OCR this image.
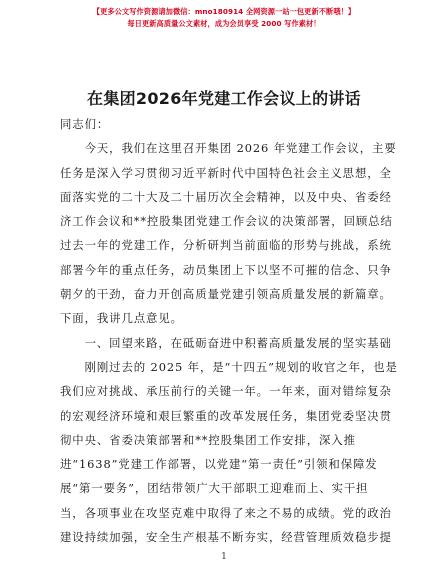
【更多公文写作资源请加微信：mno180914 全网资源一站一包更新不断哦！】
每日更新高质量公文素材，成为会员享受 2000 写作素材！
在集团2026年党建工作会议上的讲话
同志们：
　　今天，我们在这里召开集团 2026 年党建工作会议，主要
任务是深入学习贯彻习近平新时代中国特色社会主义思想，全
面落实党的二十大及二十届历次全会精神，以及中央、省委经
济工作会议和**控股集团党建工作会议的决策部署，回顾总结
过去一年的党建工作，分析研判当前面临的形势与挑战，系统
部署今年的重点任务，动员集团上下以坚不可摧的信念、只争
朝夕的干劲，奋力开创高质量党建引领高质量发展的新篇章。
下面，我讲几点意见。
　　一、回望来路，在砥砺奋进中积蓄高质量发展的坚实基础
　　刚刚过去的 2025 年，是“十四五”规划的收官之年，也是
我们应对挑战、承压前行的关键一年。一年来，面对错综复杂
的宏观经济环境和艰巨繁重的改革发展任务，集团党委坚决贯
彻中央、省委决策部署和**控股集团工作安排，深入推
进“1638”党建工作部署，以党建“第一责任”引领和保障发
展“第一要务”，团结带领广大干部职工迎难而上、实干担
当，各项事业在攻坚克难中取得了来之不易的成绩。党的政治
建设持续加强，安全生产根基不断夯实，经营管理质效稳步提
1
